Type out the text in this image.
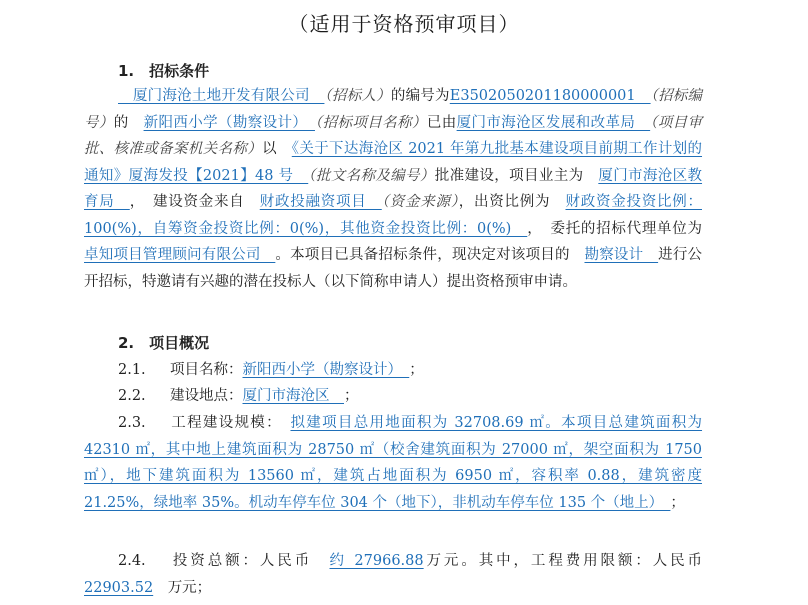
（适用于资格预审项目）
1.　招标条件
　厦门海沧土地开发有限公司　（招标人）的编号为E3502050201180000001　（招标编号）的　 新阳西小学（勘察设计）　（招标项目名称）已由厦门市海沧区发展和改革局　（项目审批、核准或备案机关名称）以　 《关于下达海沧区 2021 年第九批基本建设项目前期工作计划的通知》厦海发投【2021】48 号　（批文名称及编号）批准建设，项目业主为　 厦门市海沧区教育局　，　建设资金来自　 财政投融资项目　（资金来源），出资比例为　 财政资金投资比例：100(%)，自筹资金投资比例：0(%)，其他资金投资比例：0(%)　，　委托的招标代理单位为　卓知项目管理顾问有限公司　。本项目已具备招标条件，现决定对该项目的　 勘察设计　进行公开招标，特邀请有兴趣的潜在投标人（以下简称申请人）提出资格预审申请。
2.　项目概况
2.1. 项目名称：新阳西小学（勘察设计）　；
2.2. 建设地点：厦门市海沧区　；
2.3. 工程建设规模：　 拟建项目总用地面积为 32708.69 ㎡。本项目总建筑面积为 42310 ㎡，其中地上建筑面积为 28750 ㎡（校舍建筑面积为 27000 ㎡，架空面积为 1750 ㎡），地下建筑面积为 13560 ㎡，建筑占地面积为 6950 ㎡，容积率 0.88，建筑密度 21.25%，绿地率 35%。机动车停车位 304 个（地下），非机动车停车位 135 个（地上）　；
2.4. 投资总额：人民币　 约 27966.88万元。其中，工程费用限额：人民币　22903.52　 万元；
